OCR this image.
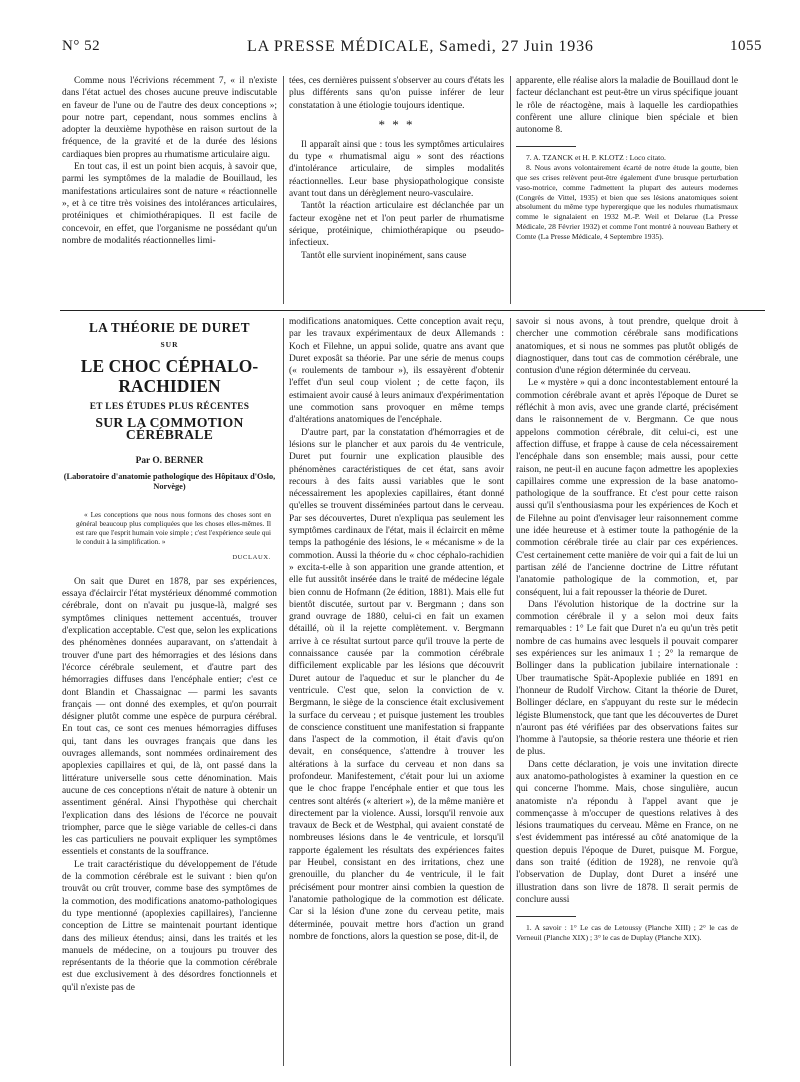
N° 52	LA PRESSE MÉDICALE, Samedi, 27 Juin 1936	1055

Comme nous l'écrivions récemment 7, « il n'existe dans l'état actuel des choses aucune preuve indiscutable en faveur de l'une ou de l'autre des deux conceptions »; pour notre part, cependant, nous sommes enclins à adopter la deuxième hypothèse en raison surtout de la fréquence, de la gravité et de la durée des lésions cardiaques bien propres au rhumatisme articulaire aigu.

En tout cas, il est un point bien acquis, à savoir que, parmi les symptômes de la maladie de Bouillaud, les manifestations articulaires sont de nature « réactionnelle », et à ce titre très voisines des intolérances articulaires, protéiniques et chimiothérapiques. Il est facile de concevoir, en effet, que l'organisme ne possédant qu'un nombre de modalités réactionnelles limi-

tées, ces dernières puissent s'observer au cours d'états les plus différents sans qu'on puisse inférer de leur constatation à une étiologie toujours identique.

* * *

Il apparaît ainsi que : tous les symptômes articulaires du type « rhumatismal aigu » sont des réactions d'intolérance articulaire, de simples modalités réactionnelles. Leur base physiopathologique consiste avant tout dans un dérèglement neuro-vasculaire.

Tantôt la réaction articulaire est déclanchée par un facteur exogène net et l'on peut parler de rhumatisme sérique, protéinique, chimiothérapique ou pseudo-infectieux.

Tantôt elle survient inopinément, sans cause

apparente, elle réalise alors la maladie de Bouillaud dont le facteur déclanchant est peut-être un virus spécifique jouant le rôle de réactogène, mais à laquelle les cardiopathies confèrent une allure clinique bien spéciale et bien autonome 8.

7. A. TZANCK et H. P. KLOTZ : Loco citato.

8. Nous avons volontairement écarté de notre étude la goutte, bien que ses crises relèvent peut-être également d'une brusque perturbation vaso-motrice, comme l'admettent la plupart des auteurs modernes (Congrès de Vittel, 1935) et bien que ses lésions anatomiques soient absolument du même type hyperergique que les nodules rhumatismaux comme le signalaient en 1932 M.-P. Weil et Delarue (La Presse Médicale, 28 Février 1932) et comme l'ont montré à nouveau Bathery et Comte (La Presse Médicale, 4 Septembre 1935).

LA THÉORIE DE DURET
SUR
LE CHOC CÉPHALO-RACHIDIEN
ET LES ÉTUDES PLUS RÉCENTES
SUR LA COMMOTION CÉRÉBRALE
Par O. BERNER
(Laboratoire d'anatomie pathologique des Hôpitaux d'Oslo, Norvège)

« Les conceptions que nous nous formons des choses sont en général beaucoup plus compliquées que les choses elles-mêmes. Il est rare que l'esprit humain voie simple ; c'est l'expérience seule qui le conduit à la simplification. »

DUCLAUX.

On sait que Duret en 1878, par ses expériences, essaya d'éclaircir l'état mystérieux dénommé commotion cérébrale, dont on n'avait pu jusque-là, malgré ses symptômes cliniques nettement accentués, trouver d'explication acceptable. C'est que, selon les explications des phénomènes données auparavant, on s'attendait à trouver d'une part des hémorragies et des lésions dans l'écorce cérébrale seulement, et d'autre part des hémorragies diffuses dans l'encéphale entier; c'est ce dont Blandin et Chassaignac — parmi les savants français — ont donné des exemples, et qu'on pourrait désigner plutôt comme une espèce de purpura cérébral. En tout cas, ce sont ces menues hémorragies diffuses qui, tant dans les ouvrages français que dans les ouvrages allemands, sont nommées ordinairement des apoplexies capillaires et qui, de là, ont passé dans la littérature universelle sous cette dénomination. Mais aucune de ces conceptions n'était de nature à obtenir un assentiment général. Ainsi l'hypothèse qui cherchait l'explication dans des lésions de l'écorce ne pouvait triompher, parce que le siège variable de celles-ci dans les cas particuliers ne pouvait expliquer les symptômes essentiels et constants de la souffrance.

Le trait caractéristique du développement de l'étude de la commotion cérébrale est le suivant : bien qu'on trouvât ou crût trouver, comme base des symptômes de la commotion, des modifications anatomo-pathologiques du type mentionné (apoplexies capillaires), l'ancienne conception de Littre se maintenait pourtant identique dans des milieux étendus; ainsi, dans les traités et les manuels de médecine, on a toujours pu trouver des représentants de la théorie que la commotion cérébrale est due exclusivement à des désordres fonctionnels et qu'il n'existe pas de

modifications anatomiques. Cette conception avait reçu, par les travaux expérimentaux de deux Allemands : Koch et Filehne, un appui solide, quatre ans avant que Duret exposât sa théorie. Par une série de menus coups (« roulements de tambour »), ils essayèrent d'obtenir l'effet d'un seul coup violent ; de cette façon, ils estimaient avoir causé à leurs animaux d'expérimentation une commotion sans provoquer en même temps d'altérations anatomiques de l'encéphale.

D'autre part, par la constatation d'hémorragies et de lésions sur le plancher et aux parois du 4e ventricule, Duret put fournir une explication plausible des phénomènes caractéristiques de cet état, sans avoir recours à des faits aussi variables que le sont nécessairement les apoplexies capillaires, étant donné qu'elles se trouvent disséminées partout dans le cerveau. Par ses découvertes, Duret n'expliqua pas seulement les symptômes cardinaux de l'état, mais il éclaircit en même temps la pathogénie des lésions, le « mécanisme » de la commotion. Aussi la théorie du « choc céphalo-rachidien » excita-t-elle à son apparition une grande attention, et elle fut aussitôt insérée dans le traité de médecine légale bien connu de Hofmann (2e édition, 1881). Mais elle fut bientôt discutée, surtout par v. Bergmann ; dans son grand ouvrage de 1880, celui-ci en fait un examen détaillé, où il la rejette complètement. v. Bergmann arrive à ce résultat surtout parce qu'il trouve la perte de connaissance causée par la commotion cérébrale difficilement explicable par les lésions que découvrit Duret autour de l'aqueduc et sur le plancher du 4e ventricule. C'est que, selon la conviction de v. Bergmann, le siège de la conscience était exclusivement la surface du cerveau ; et puisque justement les troubles de conscience constituent une manifestation si frappante dans l'aspect de la commotion, il était d'avis qu'on devait, en conséquence, s'attendre à trouver les altérations à la surface du cerveau et non dans sa profondeur. Manifestement, c'était pour lui un axiome que le choc frappe l'encéphale entier et que tous les centres sont altérés (« alteriert »), de la même manière et directement par la violence. Aussi, lorsqu'il renvoie aux travaux de Beck et de Westphal, qui avaient constaté de nombreuses lésions dans le 4e ventricule, et lorsqu'il rapporte également les résultats des expériences faites par Heubel, consistant en des irritations, chez une grenouille, du plancher du 4e ventricule, il le fait précisément pour montrer ainsi combien la question de l'anatomie pathologique de la commotion est délicate. Car si la lésion d'une zone du cerveau petite, mais déterminée, pouvait mettre hors d'action un grand nombre de fonctions, alors la question se pose, dit-il, de

savoir si nous avons, à tout prendre, quelque droit à chercher une commotion cérébrale sans modifications anatomiques, et si nous ne sommes pas plutôt obligés de diagnostiquer, dans tout cas de commotion cérébrale, une contusion d'une région déterminée du cerveau.

Le « mystère » qui a donc incontestablement entouré la commotion cérébrale avant et après l'époque de Duret se réfléchit à mon avis, avec une grande clarté, précisément dans le raisonnement de v. Bergmann. Ce que nous appelons commotion cérébrale, dit celui-ci, est une affection diffuse, et frappe à cause de cela nécessairement l'encéphale dans son ensemble; mais aussi, pour cette raison, ne peut-il en aucune façon admettre les apoplexies capillaires comme une expression de la base anatomo-pathologique de la souffrance. Et c'est pour cette raison aussi qu'il s'enthousiasma pour les expériences de Koch et de Filehne au point d'envisager leur raisonnement comme une idée heureuse et à estimer toute la pathogénie de la commotion cérébrale tirée au clair par ces expériences. C'est certainement cette manière de voir qui a fait de lui un partisan zélé de l'ancienne doctrine de Littre réfutant l'anatomie pathologique de la commotion, et, par conséquent, lui a fait repousser la théorie de Duret.

Dans l'évolution historique de la doctrine sur la commotion cérébrale il y a selon moi deux faits remarquables : 1° Le fait que Duret n'a eu qu'un très petit nombre de cas humains avec lesquels il pouvait comparer ses expériences sur les animaux 1 ; 2° la remarque de Bollinger dans la publication jubilaire internationale : Uber traumatische Spät-Apoplexie publiée en 1891 en l'honneur de Rudolf Virchow. Citant la théorie de Duret, Bollinger déclare, en s'appuyant du reste sur le médecin légiste Blumenstock, que tant que les découvertes de Duret n'auront pas été vérifiées par des observations faites sur l'homme à l'autopsie, sa théorie restera une théorie et rien de plus.

Dans cette déclaration, je vois une invitation directe aux anatomo-pathologistes à examiner la question en ce qui concerne l'homme. Mais, chose singulière, aucun anatomiste n'a répondu à l'appel avant que je commençasse à m'occuper de questions relatives à des lésions traumatiques du cerveau. Même en France, on ne s'est évidemment pas intéressé au côté anatomique de la question depuis l'époque de Duret, puisque M. Forgue, dans son traité (édition de 1928), ne renvoie qu'à l'observation de Duplay, dont Duret a inséré une illustration dans son livre de 1878. Il serait permis de conclure aussi

1. A savoir : 1° Le cas de Letoussy (Planche XIII) ; 2° le cas de Verneuil (Planche XIX) ; 3° le cas de Duplay (Planche XIX).
